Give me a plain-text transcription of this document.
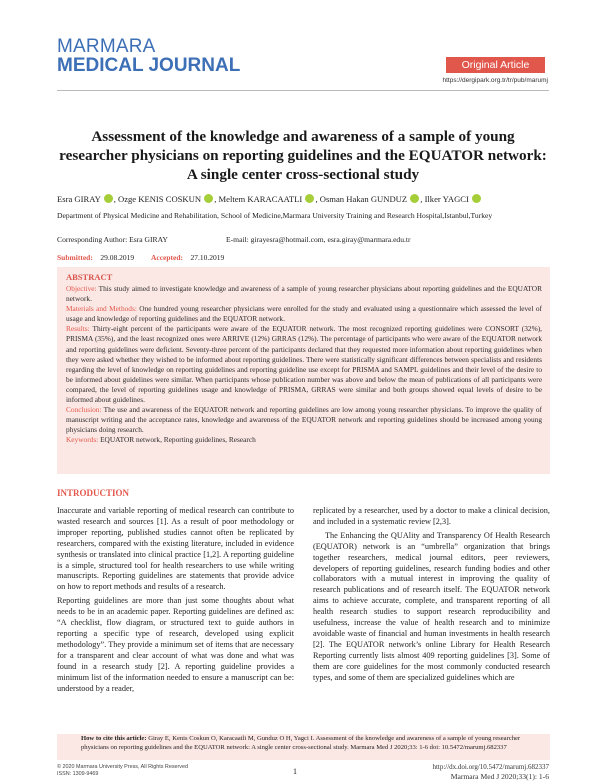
MARMARA
MEDICAL JOURNAL	Original Article
https://dergipark.org.tr/tr/pub/marumj
Assessment of the knowledge and awareness of a sample of young researcher physicians on reporting guidelines and the EQUATOR network: A single center cross-sectional study
Esra GIRAY , Ozge KENIS COSKUN , Meltem KARACAATLI , Osman Hakan GUNDUZ , Ilker YAGCI
Department of Physical Medicine and Rehabilitation, School of Medicine,Marmara University Training and Research Hospital,Istanbul,Turkey
Corresponding Author: Esra GIRAY	E-mail: girayesra@hotmail.com, esra.giray@marmara.edu.tr
Submitted: 29.08.2019 Accepted: 27.10.2019
ABSTRACT
Objective: This study aimed to investigate knowledge and awareness of a sample of young researcher physicians about reporting guidelines and the EQUATOR network.
Materials and Methods: One hundred young researcher physicians were enrolled for the study and evaluated using a questionnaire which assessed the level of usage and knowledge of reporting guidelines and the EQUATOR network.
Results: Thirty-eight percent of the participants were aware of the EQUATOR network. The most recognized reporting guidelines were CONSORT (32%), PRISMA (35%), and the least recognized ones were ARRIVE (12%) GRRAS (12%). The percentage of participants who were aware of the EQUATOR network and reporting guidelines were deficient. Seventy-three percent of the participants declared that they requested more information about reporting guidelines when they were asked whether they wished to be informed about reporting guidelines. There were statistically significant differences between specialists and residents regarding the level of knowledge on reporting guidelines and reporting guideline use except for PRISMA and SAMPL guidelines and their level of the desire to be informed about guidelines were similar. When participants whose publication number was above and below the mean of publications of all participants were compared, the level of reporting guidelines usage and knowledge of PRISMA, GRRAS were similar and both groups showed equal levels of desire to be informed about guidelines.
Conclusion: The use and awareness of the EQUATOR network and reporting guidelines are low among young researcher physicians. To improve the quality of manuscript writing and the acceptance rates, knowledge and awareness of the EQUATOR network and reporting guidelines should be increased among young physicians doing research.
Keywords: EQUATOR network, Reporting guidelines, Research
INTRODUCTION

Inaccurate and variable reporting of medical research can contribute to wasted research and sources [1]. As a result of poor methodology or improper reporting, published studies cannot often be replicated by researchers, compared with the existing literature, included in evidence synthesis or translated into clinical practice [1,2]. A reporting guideline is a simple, structured tool for health researchers to use while writing manuscripts. Reporting guidelines are statements that provide advice on how to report methods and results of a research.

Reporting guidelines are more than just some thoughts about what needs to be in an academic paper. Reporting guidelines are defined as: “A checklist, flow diagram, or structured text to guide authors in reporting a specific type of research, developed using explicit methodology”. They provide a minimum set of items that are necessary for a transparent and clear account of what was done and what was found in a research study [2]. A reporting guideline provides a minimum list of the information needed to ensure a manuscript can be: understood by a reader,

replicated by a researcher, used by a doctor to make a clinical decision, and included in a systematic review [2,3].

The Enhancing the QUAlity and Transparency Of Health Research (EQUATOR) network is an “umbrella” organization that brings together researchers, medical journal editors, peer reviewers, developers of reporting guidelines, research funding bodies and other collaborators with a mutual interest in improving the quality of research publications and of research itself. The EQUATOR network aims to achieve accurate, complete, and transparent reporting of all health research studies to support research reproducibility and usefulness, increase the value of health research and to minimize avoidable waste of financial and human investments in health research [2]. The EQUATOR network’s online Library for Health Research Reporting currently lists almost 409 reporting guidelines [3]. Some of them are core guidelines for the most commonly conducted research types, and some of them are specialized guidelines which are

How to cite this article: Giray E, Kenis Coskun O, Karacaatli M, Gunduz O H, Yagci I. Assessment of the knowledge and awareness of a sample of young researcher physicians on reporting guidelines and the EQUATOR network: A single center cross-sectional study. Marmara Med J 2020;33: 1-6 doi: 10.5472/marumj.682337
© 2020 Marmara University Press, All Rights Reserved
ISSN: 1309-9469	1	http://dx.doi.org/10.5472/marumj.682337
Marmara Med J 2020;33(1): 1-6
